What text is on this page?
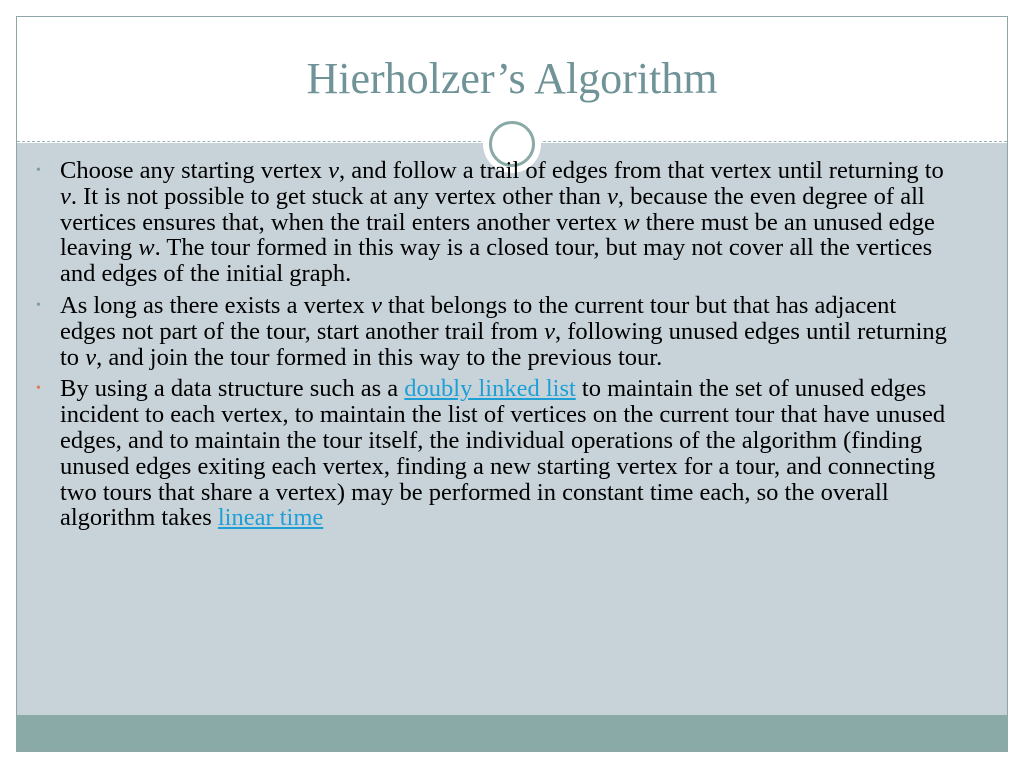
Hierholzer’s Algorithm
• Choose any starting vertex v, and follow a trail of edges from that vertex until returning to v. It is not possible to get stuck at any vertex other than v, because the even degree of all vertices ensures that, when the trail enters another vertex w there must be an unused edge leaving w. The tour formed in this way is a closed tour, but may not cover all the vertices and edges of the initial graph.
• As long as there exists a vertex v that belongs to the current tour but that has adjacent edges not part of the tour, start another trail from v, following unused edges until returning to v, and join the tour formed in this way to the previous tour.
• By using a data structure such as a doubly linked list to maintain the set of unused edges incident to each vertex, to maintain the list of vertices on the current tour that have unused edges, and to maintain the tour itself, the individual operations of the algorithm (finding unused edges exiting each vertex, finding a new starting vertex for a tour, and connecting two tours that share a vertex) may be performed in constant time each, so the overall algorithm takes linear time
